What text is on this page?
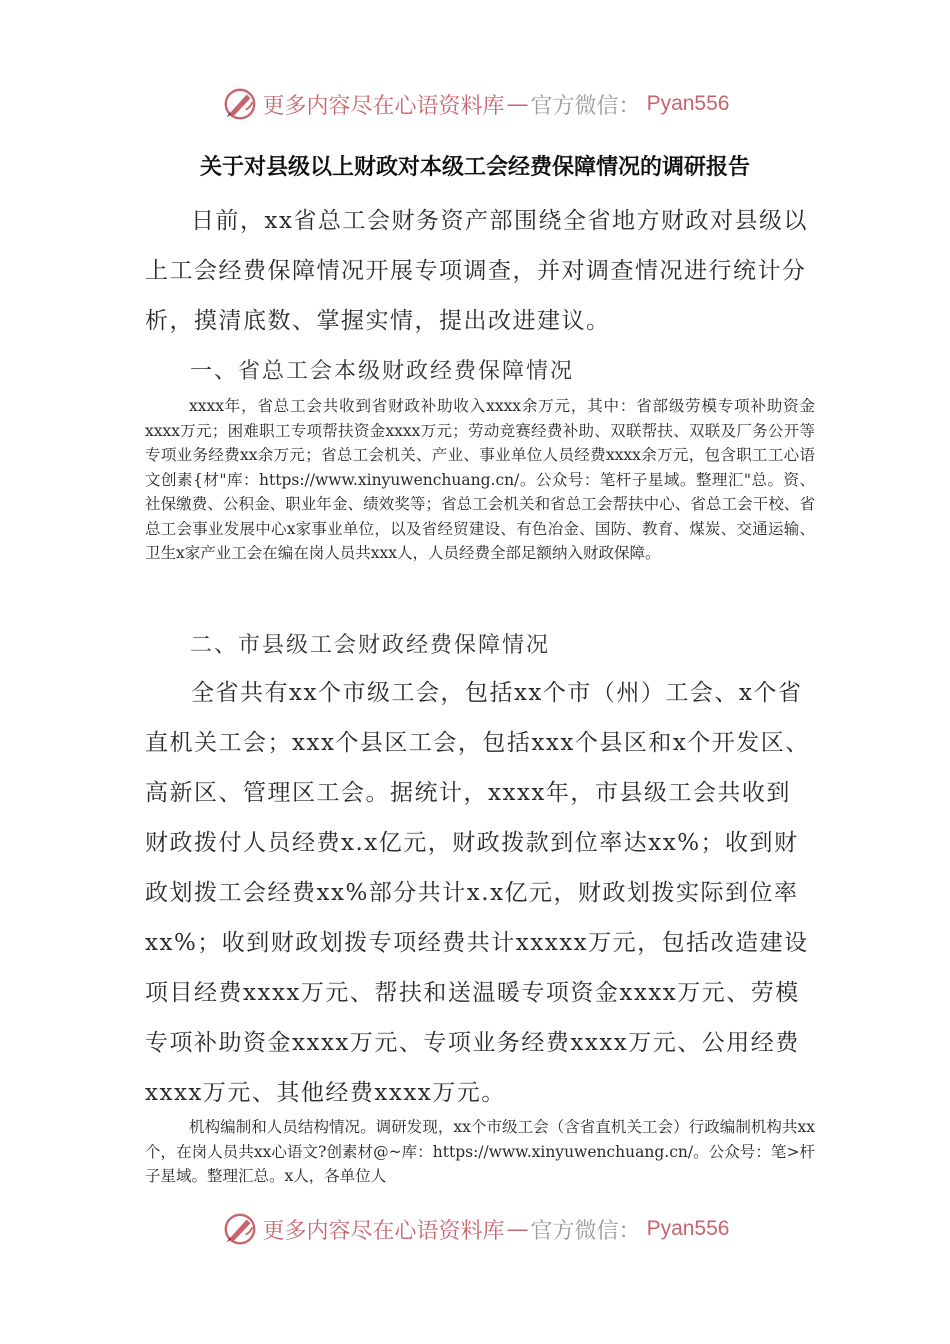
更多内容尽在心语资料库 — 官方微信： Pyan556
关于对县级以上财政对本级工会经费保障情况的调研报告

日前，xx省总工会财务资产部围绕全省地方财政对县级以上工会经费保障情况开展专项调查，并对调查情况进行统计分析，摸清底数、掌握实情，提出改进建议。

一、省总工会本级财政经费保障情况

xxxx年，省总工会共收到省财政补助收入xxxx余万元，其中：省部级劳模专项补助资金xxxx万元；困难职工专项帮扶资金xxxx万元；劳动竞赛经费补助、双联帮扶、双联及厂务公开等专项业务经费xx余万元；省总工会机关、产业、事业单位人员经费xxxx余万元，包含职工工心语文创素{材"库：https://www.xinyuwenchuang.cn/。公众号：笔杆子星域。整理汇"总。资、社保缴费、公积金、职业年金、绩效奖等；省总工会机关和省总工会帮扶中心、省总工会干校、省总工会事业发展中心x家事业单位，以及省经贸建设、有色冶金、国防、教育、煤炭、交通运输、卫生x家产业工会在编在岗人员共xxx人，人员经费全部足额纳入财政保障。

二、市县级工会财政经费保障情况

全省共有xx个市级工会，包括xx个市（州）工会、x个省直机关工会；xxx个县区工会，包括xxx个县区和x个开发区、高新区、管理区工会。据统计，xxxx年，市县级工会共收到财政拨付人员经费x.x亿元，财政拨款到位率达xx%；收到财政划拨工会经费xx%部分共计x.x亿元，财政划拨实际到位率xx%；收到财政划拨专项经费共计xxxxx万元，包括改造建设项目经费xxxx万元、帮扶和送温暖专项资金xxxx万元、劳模专项补助资金xxxx万元、专项业务经费xxxx万元、公用经费xxxx万元、其他经费xxxx万元。

机构编制和人员结构情况。调研发现，xx个市级工会（含省直机关工会）行政编制机构共xx个，在岗人员共xx心语文?创素材@~库：https://www.xinyuwenchuang.cn/。公众号：笔>杆子星域。整理汇总。x人，各单位人

更多内容尽在心语资料库 — 官方微信： Pyan556
